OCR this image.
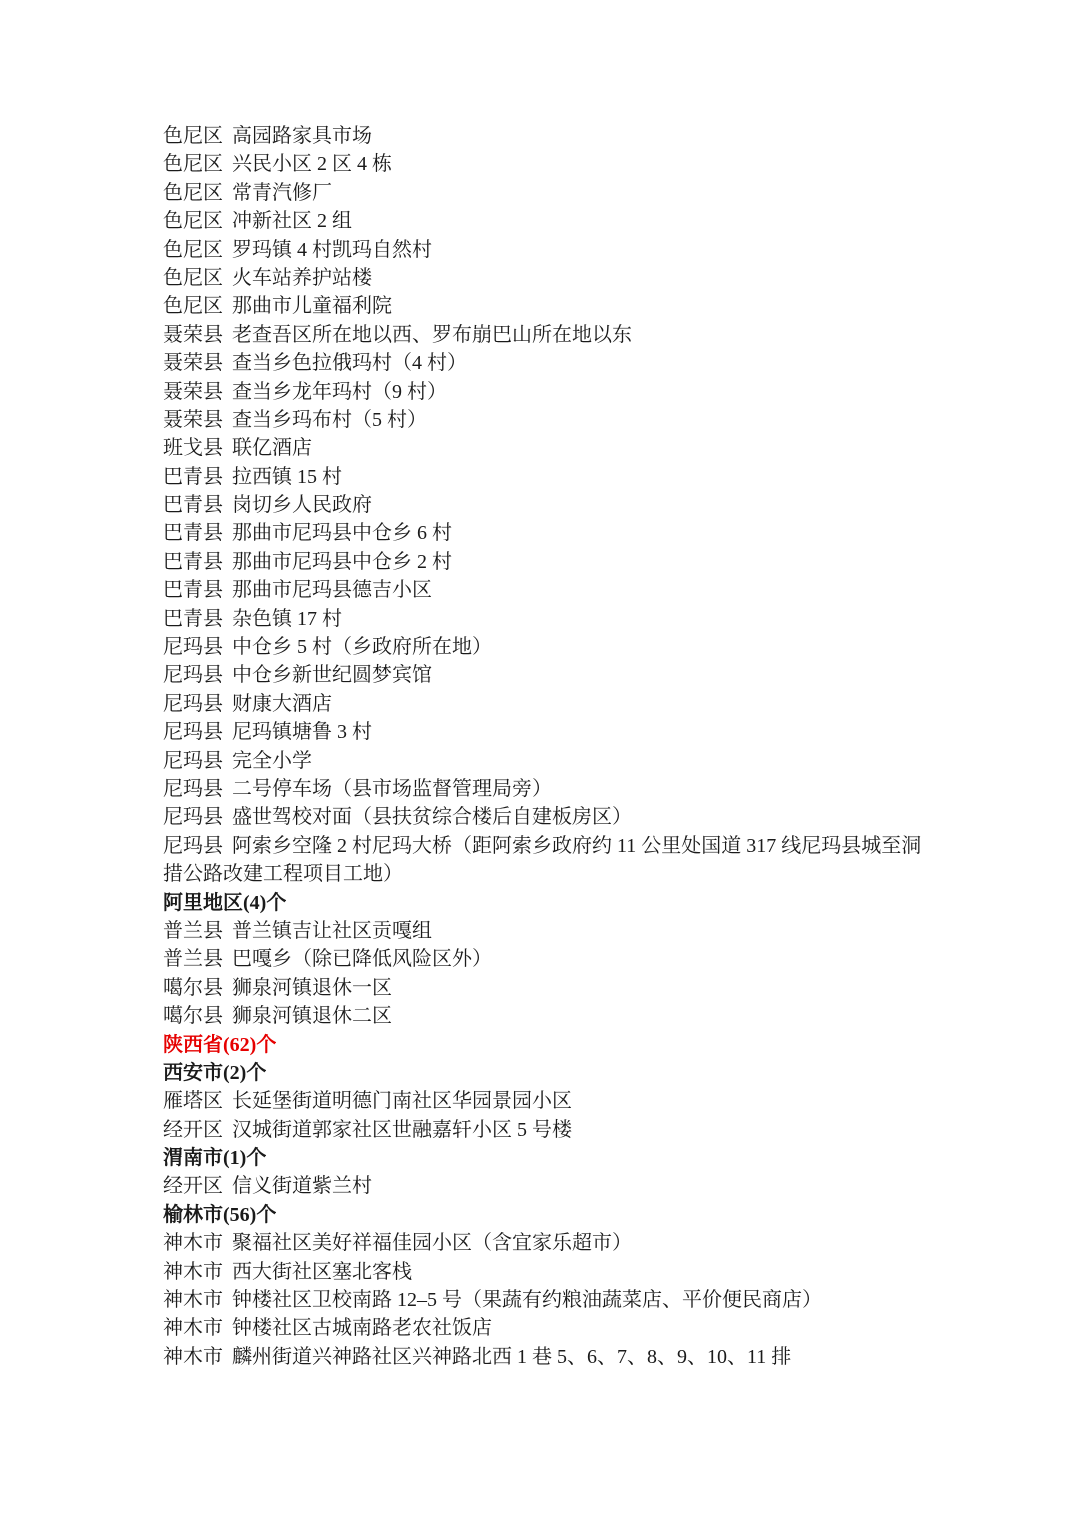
色尼区 高园路家具市场
色尼区 兴民小区 2 区 4 栋
色尼区 常青汽修厂
色尼区 冲新社区 2 组
色尼区 罗玛镇 4 村凯玛自然村
色尼区 火车站养护站楼
色尼区 那曲市儿童福利院
聂荣县 老查吾区所在地以西、罗布崩巴山所在地以东
聂荣县 查当乡色拉俄玛村（4 村）
聂荣县 查当乡龙年玛村（9 村）
聂荣县 查当乡玛布村（5 村）
班戈县 联亿酒店
巴青县 拉西镇 15 村
巴青县 岗切乡人民政府
巴青县 那曲市尼玛县中仓乡 6 村
巴青县 那曲市尼玛县中仓乡 2 村
巴青县 那曲市尼玛县德吉小区
巴青县 杂色镇 17 村
尼玛县 中仓乡 5 村（乡政府所在地）
尼玛县 中仓乡新世纪圆梦宾馆
尼玛县 财康大酒店
尼玛县 尼玛镇塘鲁 3 村
尼玛县 完全小学
尼玛县 二号停车场（县市场监督管理局旁）
尼玛县 盛世驾校对面（县扶贫综合楼后自建板房区）
尼玛县 阿索乡空隆 2 村尼玛大桥（距阿索乡政府约 11 公里处国道 317 线尼玛县城至洞
措公路改建工程项目工地）
阿里地区(4)个
普兰县 普兰镇吉让社区贡嘎组
普兰县 巴嘎乡（除已降低风险区外）
噶尔县 狮泉河镇退休一区
噶尔县 狮泉河镇退休二区
陕西省(62)个
西安市(2)个
雁塔区 长延堡街道明德门南社区华园景园小区
经开区 汉城街道郭家社区世融嘉轩小区 5 号楼
渭南市(1)个
经开区 信义街道紫兰村
榆林市(56)个
神木市 聚福社区美好祥福佳园小区（含宜家乐超市）
神木市 西大街社区塞北客栈
神木市 钟楼社区卫校南路 12–5 号（果蔬有约粮油蔬菜店、平价便民商店）
神木市 钟楼社区古城南路老农社饭店
神木市 麟州街道兴神路社区兴神路北西 1 巷 5、6、7、8、9、10、11 排
